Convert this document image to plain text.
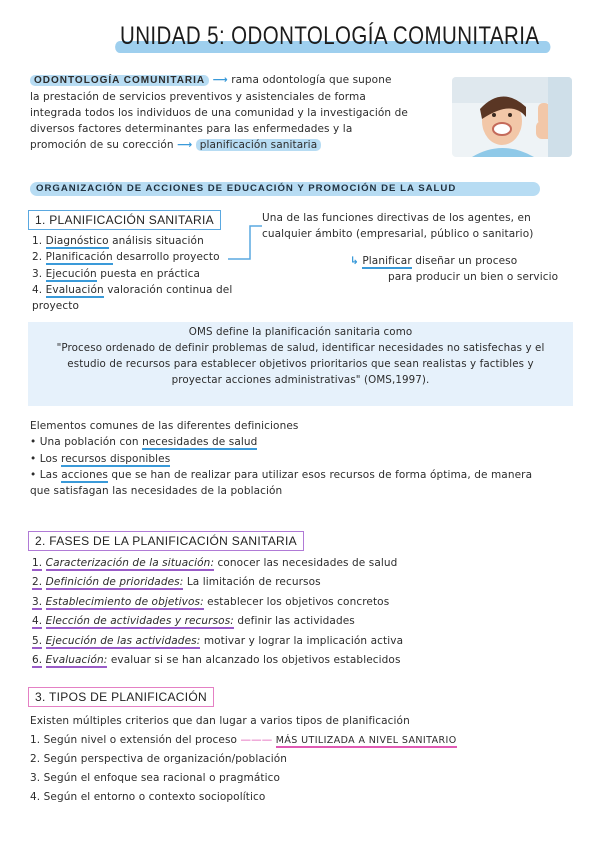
UNIDAD 5: ODONTOLOGÍA COMUNITARIA
ODONTOLOGÍA COMUNITARIA ⟶ rama odontología que supone
la prestación de servicios preventivos y asistenciales de forma
integrada todos los individuos de una comunidad y la investigación de
diversos factores determinantes para las enfermedades y la
promoción de su corección ⟶ planificación sanitaria
ORGANIZACIÓN DE ACCIONES DE EDUCACIÓN Y PROMOCIÓN DE LA SALUD
1. PLANIFICACIÓN SANITARIA
1. Diagnóstico análisis situación
2. Planificación desarrollo proyecto
3. Ejecución puesta en práctica
4. Evaluación valoración continua del proyecto
Una de las funciones directivas de los agentes, en
cualquier ámbito (empresarial, público o sanitario)
↳ Planificar diseñar un proceso
para producir un bien o servicio
OMS define la planificación sanitaria como
"Proceso ordenado de definir problemas de salud, identificar necesidades no satisfechas y el
estudio de recursos para establecer objetivos prioritarios que sean realistas y factibles y
proyectar acciones administrativas" (OMS,1997).
Elementos comunes de las diferentes definiciones
• Una población con necesidades de salud
• Los recursos disponibles
• Las acciones que se han de realizar para utilizar esos recursos de forma óptima, de manera
que satisfagan las necesidades de la población
2. FASES DE LA PLANIFICACIÓN SANITARIA
1. Caracterización de la situación: conocer las necesidades de salud
2. Definición de prioridades: La limitación de recursos
3. Establecimiento de objetivos: establecer los objetivos concretos
4. Elección de actividades y recursos: definir las actividades
5. Ejecución de las actividades: motivar y lograr la implicación activa
6. Evaluación: evaluar si se han alcanzado los objetivos establecidos
3. TIPOS DE PLANIFICACIÓN
Existen múltiples criterios que dan lugar a varios tipos de planificación
1. Según nivel o extensión del proceso ——— MÁS UTILIZADA A NIVEL SANITARIO
2. Según perspectiva de organización/población
3. Según el enfoque sea racional o pragmático
4. Según el entorno o contexto sociopolítico
